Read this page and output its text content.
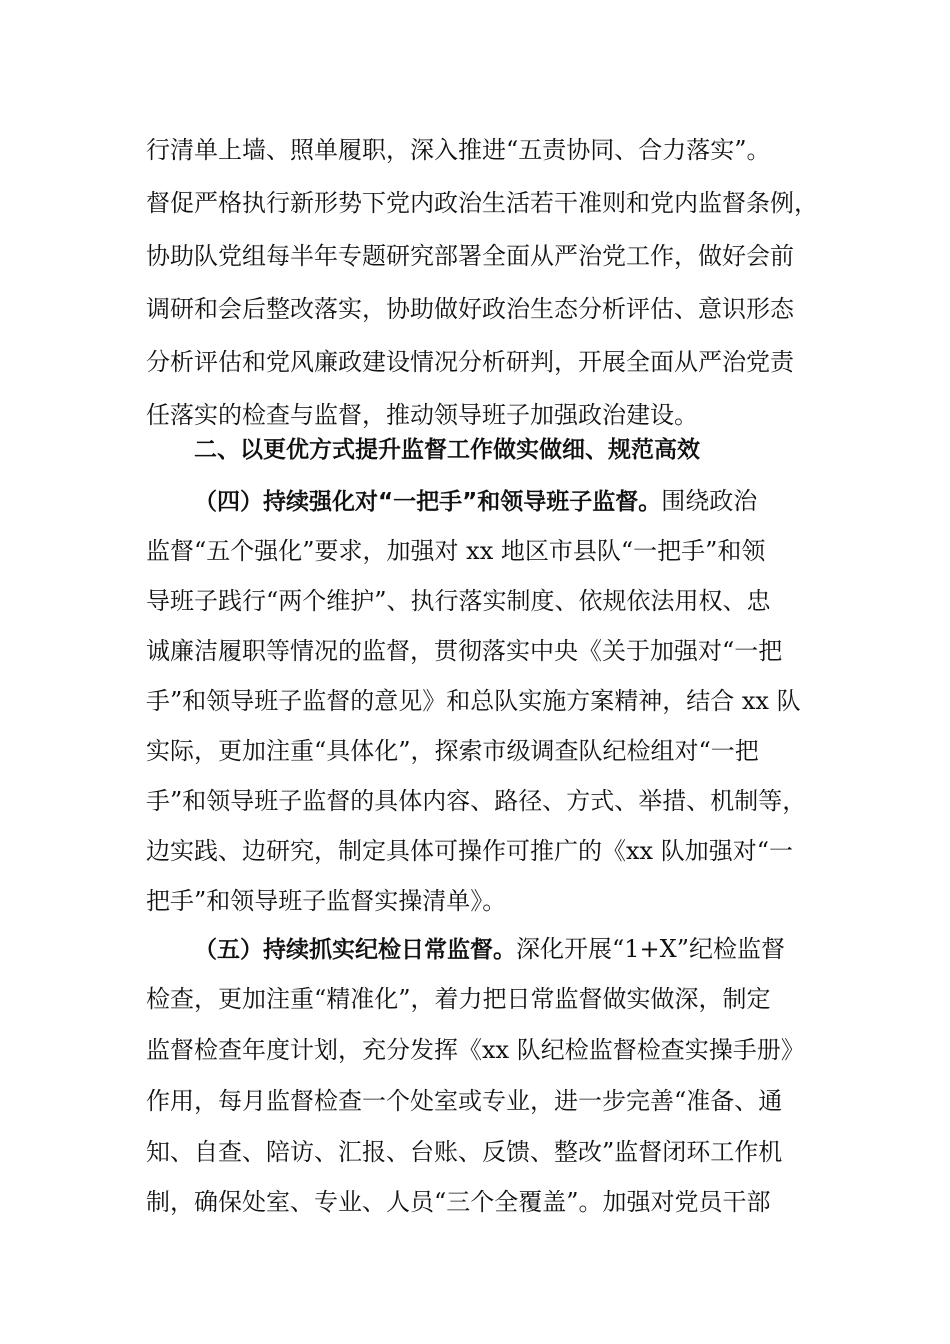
行清单上墙、照单履职，深入推进“五责协同、合力落实”。
督促严格执行新形势下党内政治生活若干准则和党内监督条例，
协助队党组每半年专题研究部署全面从严治党工作，做好会前
调研和会后整改落实，协助做好政治生态分析评估、意识形态
分析评估和党风廉政建设情况分析研判，开展全面从严治党责
任落实的检查与监督，推动领导班子加强政治建设。
二、以更优方式提升监督工作做实做细、规范高效
（四）持续强化对“一把手”和领导班子监督。围绕政治
监督“五个强化”要求，加强对 xx 地区市县队“一把手”和领
导班子践行“两个维护”、执行落实制度、依规依法用权、忠
诚廉洁履职等情况的监督，贯彻落实中央《关于加强对“一把
手”和领导班子监督的意见》和总队实施方案精神，结合 xx 队
实际，更加注重“具体化”，探索市级调查队纪检组对“一把
手”和领导班子监督的具体内容、路径、方式、举措、机制等，
边实践、边研究，制定具体可操作可推广的《xx 队加强对“一
把手”和领导班子监督实操清单》。
（五）持续抓实纪检日常监督。深化开展“1+X”纪检监督
检查，更加注重“精准化”，着力把日常监督做实做深，制定
监督检查年度计划，充分发挥《xx 队纪检监督检查实操手册》
作用，每月监督检查一个处室或专业，进一步完善“准备、通
知、自查、陪访、汇报、台账、反馈、整改”监督闭环工作机
制，确保处室、专业、人员“三个全覆盖”。加强对党员干部
